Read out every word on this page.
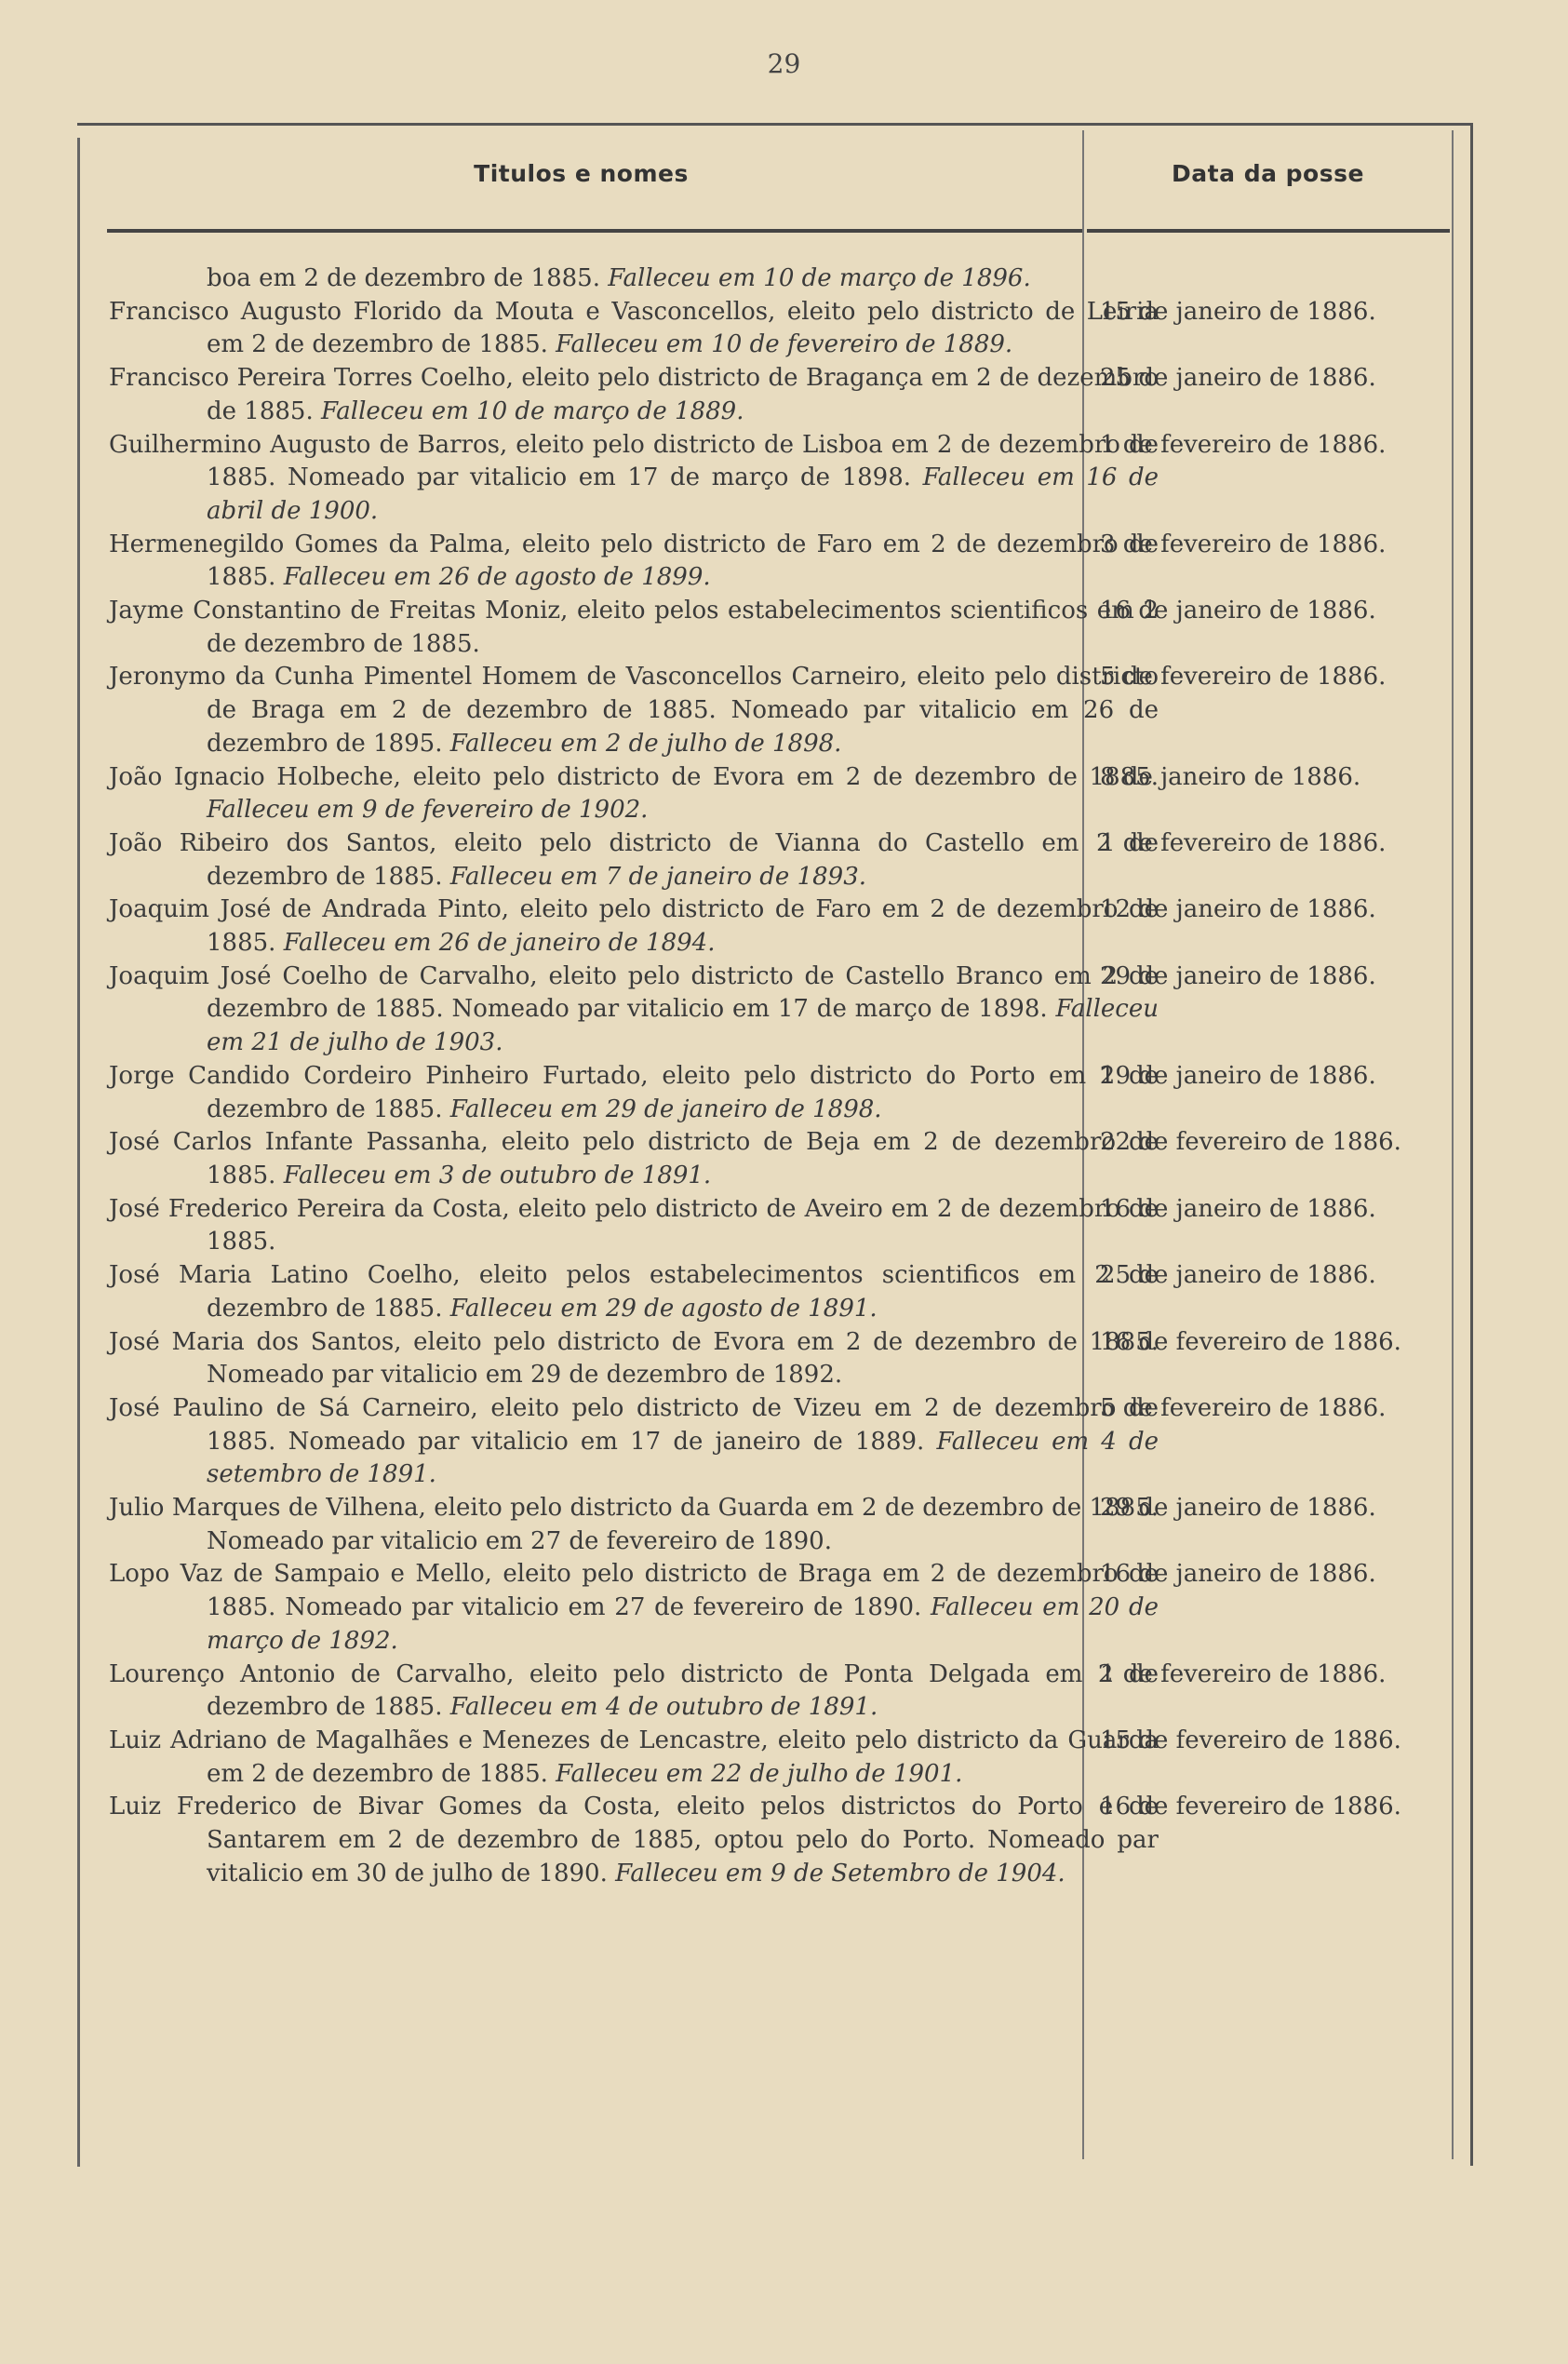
29
Titulos e nomes	Data da posse
boa em 2 de dezembro de 1885. Falleceu em 10 de março de 1896.
Francisco Augusto Florido da Mouta e Vasconcellos, eleito pelo districto de Leiria em 2 de dezembro de 1885. Falleceu em 10 de fevereiro de 1889.
15 de janeiro de 1886.
Francisco Pereira Torres Coelho, eleito pelo districto de Bragança em 2 de dezembro de 1885. Falleceu em 10 de março de 1889.
25 de janeiro de 1886.
Guilhermino Augusto de Barros, eleito pelo districto de Lisboa em 2 de dezembro de 1885. Nomeado par vitalicio em 17 de março de 1898. Falleceu em 16 de abril de 1900.
1 de fevereiro de 1886.
Hermenegildo Gomes da Palma, eleito pelo districto de Faro em 2 de dezembro de 1885. Falleceu em 26 de agosto de 1899.
3 de fevereiro de 1886.
Jayme Constantino de Freitas Moniz, eleito pelos estabelecimentos scientificos em 2 de dezembro de 1885.
16 de janeiro de 1886.
Jeronymo da Cunha Pimentel Homem de Vasconcellos Carneiro, eleito pelo districto de Braga em 2 de dezembro de 1885. Nomeado par vitalicio em 26 de dezembro de 1895. Falleceu em 2 de julho de 1898.
5 de fevereiro de 1886.
João Ignacio Holbeche, eleito pelo districto de Evora em 2 de dezembro de 1885. Falleceu em 9 de fevereiro de 1902.
8 de janeiro de 1886.
João Ribeiro dos Santos, eleito pelo districto de Vianna do Castello em 2 de dezembro de 1885. Falleceu em 7 de janeiro de 1893.
1 de fevereiro de 1886.
Joaquim José de Andrada Pinto, eleito pelo districto de Faro em 2 de dezembro de 1885. Falleceu em 26 de janeiro de 1894.
12 de janeiro de 1886.
Joaquim José Coelho de Carvalho, eleito pelo districto de Castello Branco em 2 de dezembro de 1885. Nomeado par vitalicio em 17 de março de 1898. Falleceu em 21 de julho de 1903.
29 de janeiro de 1886.
Jorge Candido Cordeiro Pinheiro Furtado, eleito pelo districto do Porto em 2 de dezembro de 1885. Falleceu em 29 de janeiro de 1898.
19 de janeiro de 1886.
José Carlos Infante Passanha, eleito pelo districto de Beja em 2 de dezembro de 1885. Falleceu em 3 de outubro de 1891.
22 de fevereiro de 1886.
José Frederico Pereira da Costa, eleito pelo districto de Aveiro em 2 de dezembro de 1885.
16 de janeiro de 1886.
José Maria Latino Coelho, eleito pelos estabelecimentos scientificos em 2 de dezembro de 1885. Falleceu em 29 de agosto de 1891.
25 de janeiro de 1886.
José Maria dos Santos, eleito pelo districto de Evora em 2 de dezembro de 1885. Nomeado par vitalicio em 29 de dezembro de 1892.
16 de fevereiro de 1886.
José Paulino de Sá Carneiro, eleito pelo districto de Vizeu em 2 de dezembro de 1885. Nomeado par vitalicio em 17 de janeiro de 1889. Falleceu em 4 de setembro de 1891.
5 de fevereiro de 1886.
Julio Marques de Vilhena, eleito pelo districto da Guarda em 2 de dezembro de 1885. Nomeado par vitalicio em 27 de fevereiro de 1890.
29 de janeiro de 1886.
Lopo Vaz de Sampaio e Mello, eleito pelo districto de Braga em 2 de dezembro de 1885. Nomeado par vitalicio em 27 de fevereiro de 1890. Falleceu em 20 de março de 1892.
16 de janeiro de 1886.
Lourenço Antonio de Carvalho, eleito pelo districto de Ponta Delgada em 2 de dezembro de 1885. Falleceu em 4 de outubro de 1891.
1 de fevereiro de 1886.
Luiz Adriano de Magalhães e Menezes de Lencastre, eleito pelo districto da Guarda em 2 de dezembro de 1885. Falleceu em 22 de julho de 1901.
15 de fevereiro de 1886.
Luiz Frederico de Bivar Gomes da Costa, eleito pelos districtos do Porto e de Santarem em 2 de dezembro de 1885, optou pelo do Porto. Nomeado par vitalicio em 30 de julho de 1890. Falleceu em 9 de Setembro de 1904.
16 de fevereiro de 1886.
